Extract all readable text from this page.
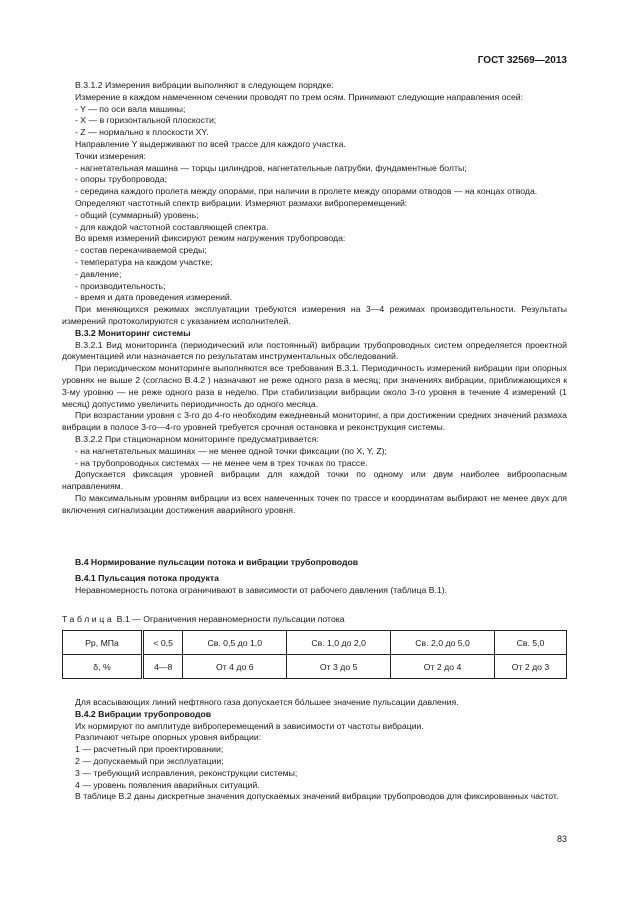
ГОСТ 32569—2013

В.3.1.2 Измерения вибрации выполняют в следующем порядке:

Измерение в каждом намеченном сечении проводят по трем осям. Принимают следующие направления осей:

- Y — по оси вала машины;

- X — в горизонтальной плоскости;

- Z — нормально к плоскости XY.

Направление Y выдерживают по всей трассе для каждого участка.

Точки измерения:

- нагнетательная машина — торцы цилиндров, нагнетательные патрубки, фундаментные болты;

- опоры трубопровода;

- середина каждого пролета между опорами, при наличии в пролете между опорами отводов — на концах отвода.

Определяют частотный спектр вибрации. Измеряют размахи виброперемещений:

- общий (суммарный) уровень;

- для каждой частотной составляющей спектра.

Во время измерений фиксируют режим нагружения трубопровода:

- состав перекачиваемой среды;

- температура на каждом участке;

- давление;

- производительность;

- время и дата проведения измерений.

При меняющихся режимах эксплуатации требуются измерения на 3—4 режимах производительности. Результаты измерений протоколируются с указанием исполнителей.

В.3.2 Мониторинг системы

В.3.2.1 Вид мониторинга (периодический или постоянный) вибрации трубопроводных систем определяется проектной документацией или назначается по результатам инструментальных обследований.

При периодическом мониторинге выполняются все требования В.3.1. Периодичность измерений вибрации при опорных уровнях не выше 2 (согласно В.4.2 ) назначают не реже одного раза в месяц; при значениях вибрации, приближающихся к 3-му уровню — не реже одного раза в неделю. При стабилизации вибрации около 3-го уровня в течение 4 измерений (1 месяц) допустимо увеличить периодичность до одного месяца.

При возрастании уровня с 3-го до 4-го необходим ежедневный мониторинг, а при достижении средних значений размаха вибрации в полосе 3-го—4-го уровней требуется срочная остановка и реконструкция системы.

В.3.2.2 При стационарном мониторинге предусматривается:

- на нагнетательных машинах — не менее одной точки фиксации (по X, Y, Z);

- на трубопроводных системах — не менее чем в трех точках по трассе.

Допускается фиксация уровней вибрации для каждой точки по одному или двум наиболее виброопасным направлениям.

По максимальным уровням вибрации из всех намеченных точек по трассе и координатам выбирают не менее двух для включения сигнализации достижения аварийного уровня.

В.4 Нормирование пульсации потока и вибрации трубопроводов

В.4.1 Пульсация потока продукта

Неравномерность потока ограничивают в зависимости от рабочего давления (таблица В.1).

Таблица В.1 — Ограничения неравномерности пульсации потока
Pр, МПа	< 0,5	Св. 0,5 до 1,0	Св. 1,0 до 2,0	Св. 2,0 до 5,0	Св. 5,0
δ, %	4—8	От 4 до 6	От 3 до 5	От 2 до 4	От 2 до 3

Для всасывающих линий нефтяного газа допускается бо́льшее значение пульсации давления.

В.4.2 Вибрации трубопроводов

Их нормируют по амплитуде виброперемещений в зависимости от частоты вибрации.

Различают четыре опорных уровня вибрации:

1 — расчетный при проектировании;

2 — допускаемый при эксплуатации;

3 — требующий исправления, реконструкции системы;

4 — уровень появления аварийных ситуаций.

В таблице В.2 даны дискретные значения допускаемых значений вибрации трубопроводов для фиксированных частот.

83
